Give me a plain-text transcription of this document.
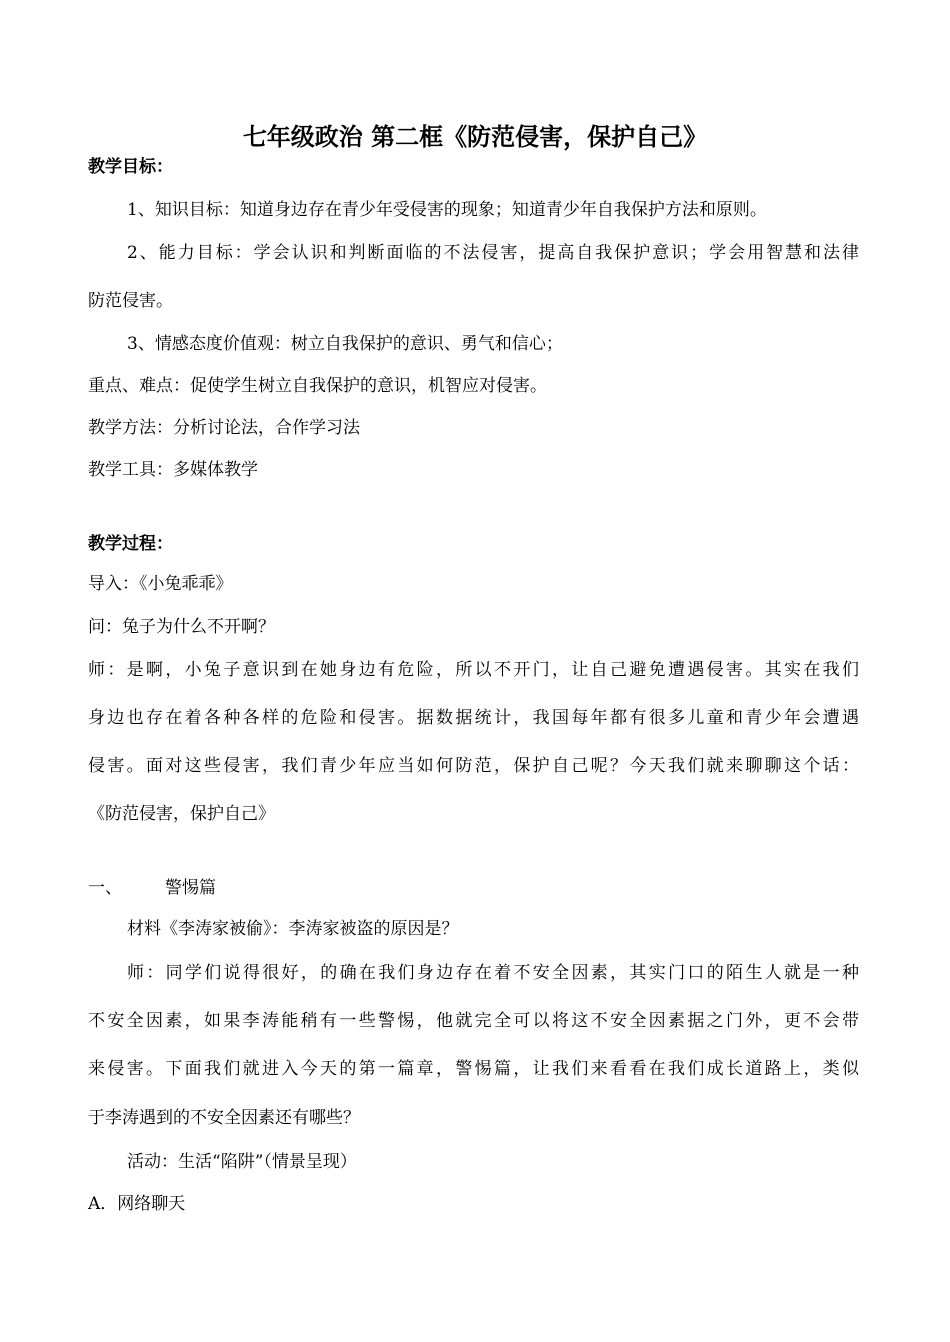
七年级政治 第二框《防范侵害，保护自己》
教学目标：
1、知识目标：知道身边存在青少年受侵害的现象；知道青少年自我保护方法和原则。
2、能力目标：学会认识和判断面临的不法侵害，提高自我保护意识；学会用智慧和法律
防范侵害。
3、情感态度价值观：树立自我保护的意识、勇气和信心；
重点、难点：促使学生树立自我保护的意识，机智应对侵害。
教学方法：分析讨论法，合作学习法
教学工具：多媒体教学
教学过程：
导入：《小兔乖乖》
问：兔子为什么不开啊？
师：是啊，小兔子意识到在她身边有危险，所以不开门，让自己避免遭遇侵害。其实在我们
身边也存在着各种各样的危险和侵害。据数据统计，我国每年都有很多儿童和青少年会遭遇
侵害。面对这些侵害，我们青少年应当如何防范，保护自己呢？今天我们就来聊聊这个话：
《防范侵害，保护自己》
一、	警惕篇
材料《李涛家被偷》：李涛家被盗的原因是？
师：同学们说得很好，的确在我们身边存在着不安全因素，其实门口的陌生人就是一种
不安全因素，如果李涛能稍有一些警惕，他就完全可以将这不安全因素据之门外，更不会带
来侵害。下面我们就进入今天的第一篇章，警惕篇，让我们来看看在我们成长道路上，类似
于李涛遇到的不安全因素还有哪些？
活动：生活“陷阱”（情景呈现）
A．网络聊天
